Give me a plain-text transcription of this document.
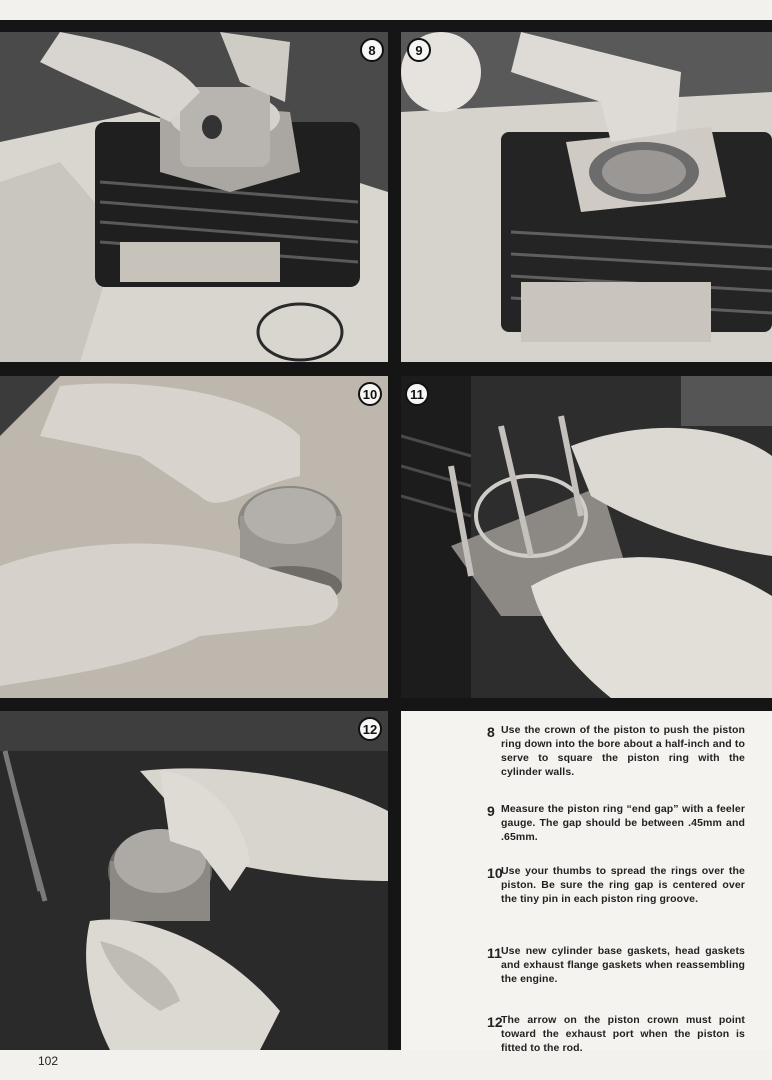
8	9
10	11
12	8 Use the crown of the piston to push the piston ring down into the bore about a half-inch and to serve to square the piston ring with the cylinder walls.
9 Measure the piston ring “end gap” with a feeler gauge. The gap should be between .45mm and .65mm.
10
Use your thumbs to spread the rings over the piston. Be sure the ring gap is centered over the tiny pin in each piston ring groove.
11 Use new cylinder base gaskets, head gaskets and exhaust flange gaskets when reassembling the engine.
12
The arrow on the piston crown must point toward the exhaust port when the piston is fitted to the rod.
102
